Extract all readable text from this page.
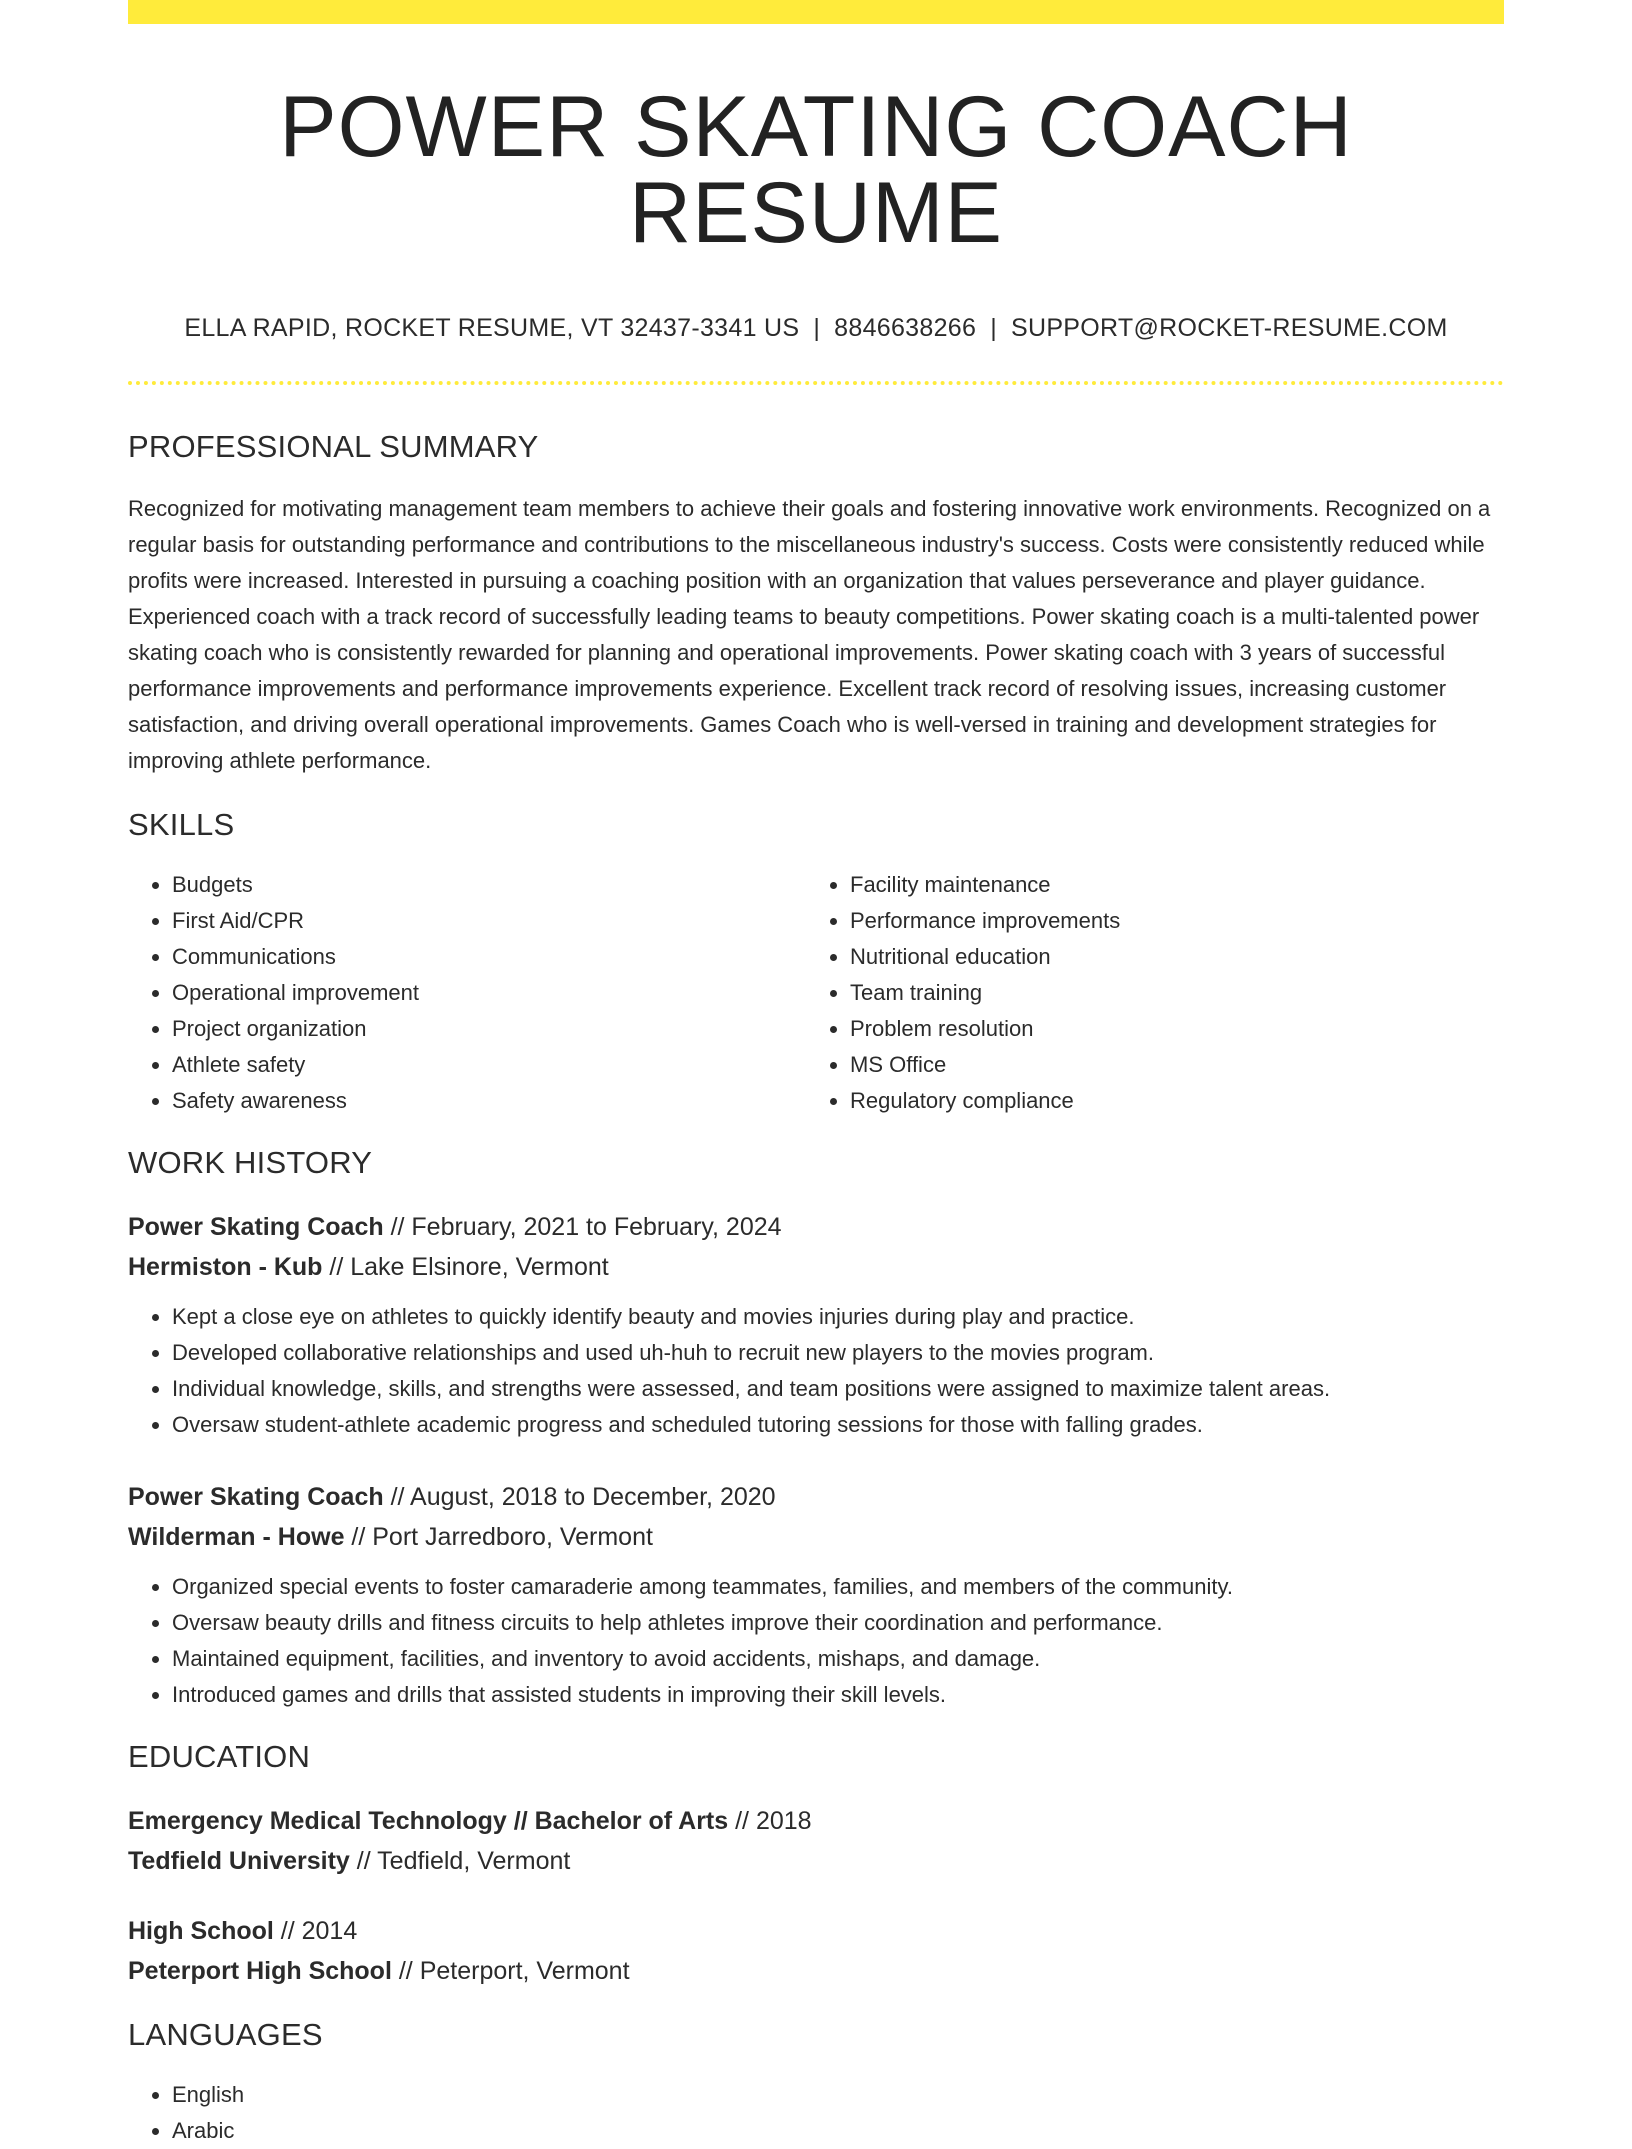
POWER SKATING COACH RESUME
ELLA RAPID, ROCKET RESUME, VT 32437-3341 US | 8846638266 | SUPPORT@ROCKET-RESUME.COM
PROFESSIONAL SUMMARY

Recognized for motivating management team members to achieve their goals and fostering innovative work environments. Recognized on a regular basis for outstanding performance and contributions to the miscellaneous industry's success. Costs were consistently reduced while profits were increased. Interested in pursuing a coaching position with an organization that values perseverance and player guidance. Experienced coach with a track record of successfully leading teams to beauty competitions. Power skating coach is a multi-talented power skating coach who is consistently rewarded for planning and operational improvements. Power skating coach with 3 years of successful performance improvements and performance improvements experience. Excellent track record of resolving issues, increasing customer satisfaction, and driving overall operational improvements. Games Coach who is well-versed in training and development strategies for improving athlete performance.

SKILLS
• Budgets
• First Aid/CPR
• Communications
• Operational improvement
• Project organization
• Athlete safety
• Safety awareness
• Facility maintenance
• Performance improvements
• Nutritional education
• Team training
• Problem resolution
• MS Office
• Regulatory compliance
WORK HISTORY
Power Skating Coach // February, 2021 to February, 2024
Hermiston - Kub // Lake Elsinore, Vermont
• Kept a close eye on athletes to quickly identify beauty and movies injuries during play and practice.
• Developed collaborative relationships and used uh-huh to recruit new players to the movies program.
• Individual knowledge, skills, and strengths were assessed, and team positions were assigned to maximize talent areas.
• Oversaw student-athlete academic progress and scheduled tutoring sessions for those with falling grades.
Power Skating Coach // August, 2018 to December, 2020
Wilderman - Howe // Port Jarredboro, Vermont
• Organized special events to foster camaraderie among teammates, families, and members of the community.
• Oversaw beauty drills and fitness circuits to help athletes improve their coordination and performance.
• Maintained equipment, facilities, and inventory to avoid accidents, mishaps, and damage.
• Introduced games and drills that assisted students in improving their skill levels.
EDUCATION
Emergency Medical Technology // Bachelor of Arts // 2018
Tedfield University // Tedfield, Vermont
High School // 2014
Peterport High School // Peterport, Vermont
LANGUAGES
• English
• Arabic
